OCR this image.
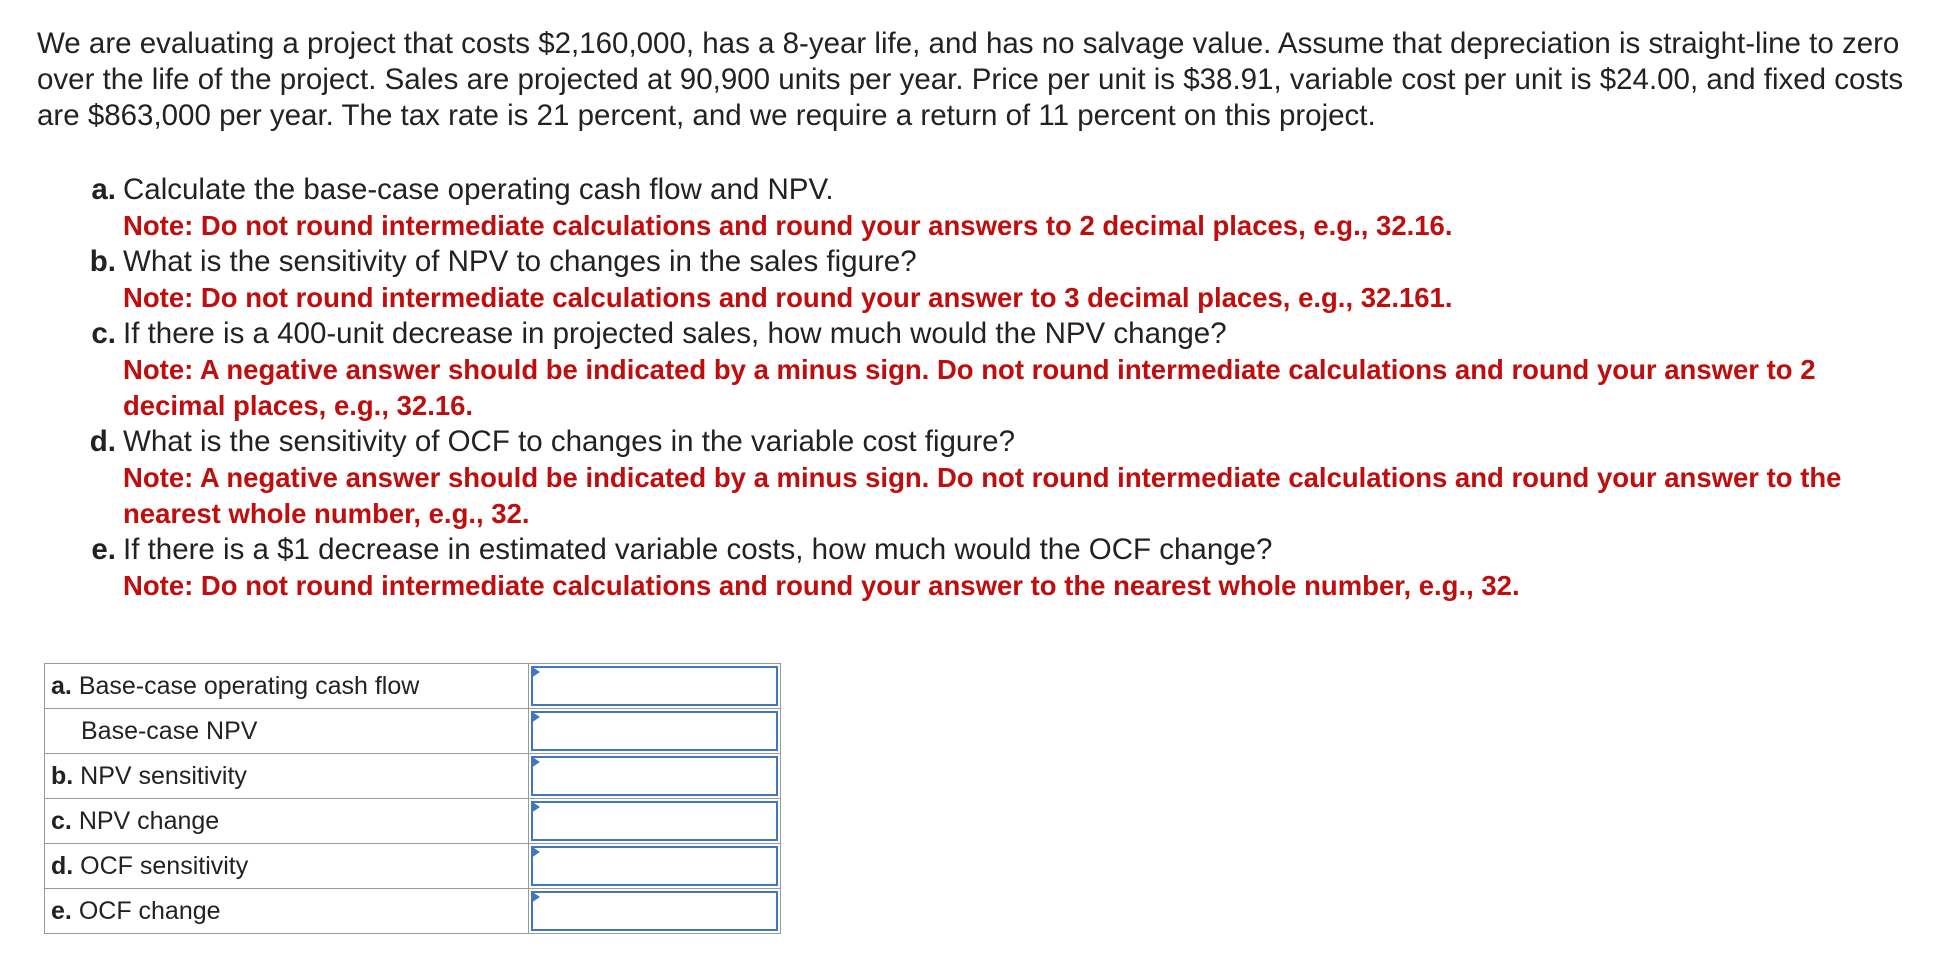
We are evaluating a project that costs $2,160,000, has a 8-year life, and has no salvage value. Assume that depreciation is straight-line to zero over the life of the project. Sales are projected at 90,900 units per year. Price per unit is $38.91, variable cost per unit is $24.00, and fixed costs are $863,000 per year. The tax rate is 21 percent, and we require a return of 11 percent on this project.

a. Calculate the base-case operating cash flow and NPV.
Note: Do not round intermediate calculations and round your answers to 2 decimal places, e.g., 32.16.
b. What is the sensitivity of NPV to changes in the sales figure?
Note: Do not round intermediate calculations and round your answer to 3 decimal places, e.g., 32.161.
c. If there is a 400-unit decrease in projected sales, how much would the NPV change?
Note: A negative answer should be indicated by a minus sign. Do not round intermediate calculations and round your answer to 2 decimal places, e.g., 32.16.
d. What is the sensitivity of OCF to changes in the variable cost figure?
Note: A negative answer should be indicated by a minus sign. Do not round intermediate calculations and round your answer to the nearest whole number, e.g., 32.
e. If there is a $1 decrease in estimated variable costs, how much would the OCF change?
Note: Do not round intermediate calculations and round your answer to the nearest whole number, e.g., 32.
a. Base-case operating cash flow	

Base-case NPV	

b. NPV sensitivity	

c. NPV change	

d. OCF sensitivity	

e. OCF change	
